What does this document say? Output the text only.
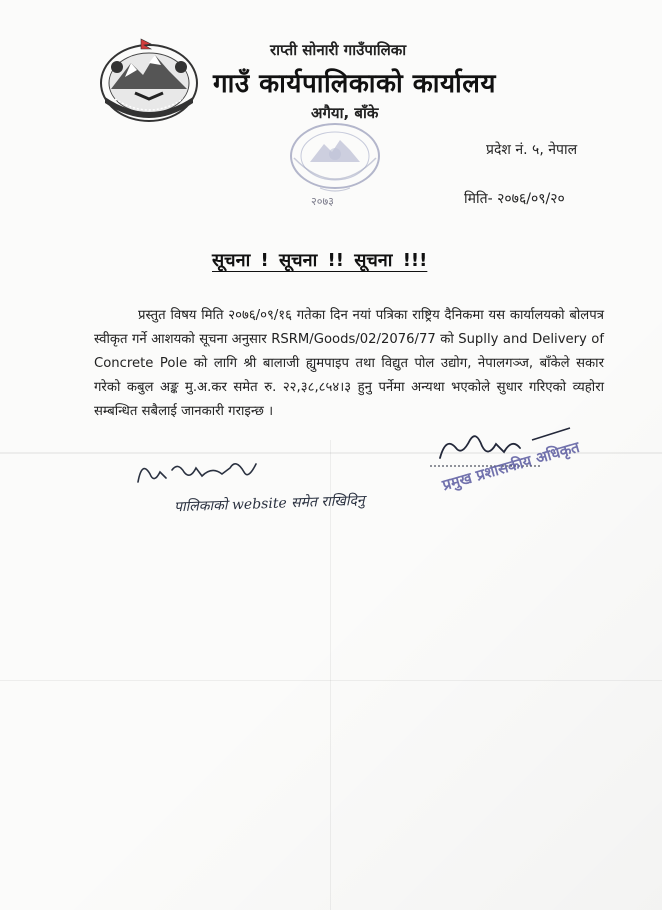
राप्ती सोनारी गाउँपालिका
गाउँ कार्यपालिकाको कार्यालय
अगैया, बाँके
प्रदेश नं. ५, नेपाल
मिति- २०७६/०९/२०
२०७३
सूचना ! सूचना !! सूचना !!!
प्रस्तुत विषय मिति २०७६/०९/१६ गतेका दिन नयां पत्रिका राष्ट्रिय दैनिकमा यस कार्यालयको बोलपत्र स्वीकृत गर्ने आशयको सूचना अनुसार RSRM/Goods/02/2076/77 को Suplly and Delivery of Concrete Pole को लागि श्री बालाजी ह्युमपाइप तथा विद्युत पोल उद्योग, नेपालगञ्ज, बाँकेले सकार गरेको कबुल अङ्क मु.अ.कर समेत रु. २२,३८,८५४।३ हुनु पर्नेमा अन्यथा भएकोले सुधार गरिएको व्यहोरा सम्बन्धित सबैलाई जानकारी गराइन्छ ।
पालिकाको website समेत राखिदिनु
प्रमुख प्रशासकीय अधिकृत
